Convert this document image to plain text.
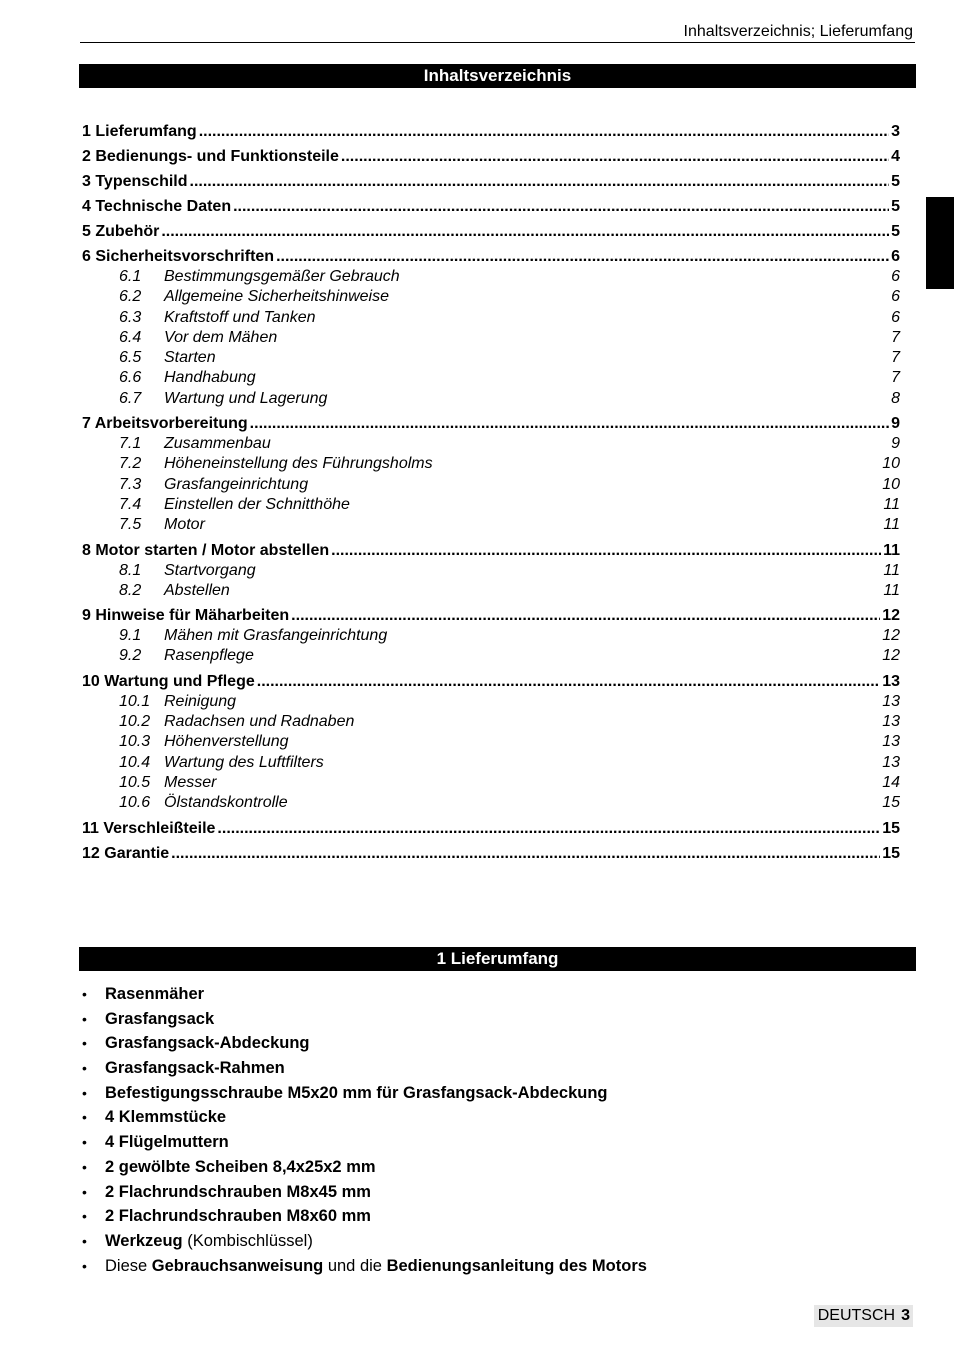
Inhaltsverzeichnis; Lieferumfang
Inhaltsverzeichnis
1 Lieferumfang .....	3
2 Bedienungs- und Funktionsteile .....	4
3 Typenschild .....	5
4 Technische Daten .....	5
5 Zubehör .....	5
6 Sicherheitsvorschriften .....	6
6.1	Bestimmungsgemäßer Gebrauch	6
6.2	Allgemeine Sicherheitshinweise	6
6.3	Kraftstoff und Tanken	6
6.4	Vor dem Mähen	7
6.5	Starten	7
6.6	Handhabung	7
6.7	Wartung und Lagerung	8
7 Arbeitsvorbereitung .....	9
7.1	Zusammenbau	9
7.2	Höheneinstellung des Führungsholms	10
7.3	Grasfangeinrichtung	10
7.4	Einstellen der Schnitthöhe	11
7.5	Motor	11
8 Motor starten / Motor abstellen .....	11
8.1	Startvorgang	11
8.2	Abstellen	11
9 Hinweise für Mäharbeiten .....	12
9.1	Mähen mit Grasfangeinrichtung	12
9.2	Rasenpflege	12
10 Wartung und Pflege .....	13
10.1 Reinigung	13
10.2 Radachsen und Radnaben	13
10.3 Höhenverstellung	13
10.4 Wartung des Luftfilters	13
10.5 Messer	14
10.6 Ölstandskontrolle	15
11 Verschleißteile .....	15
12 Garantie .....	15
1 Lieferumfang
•	Rasenmäher
•	Grasfangsack
•	Grasfangsack-Abdeckung
•	Grasfangsack-Rahmen
•	Befestigungsschraube M5x20 mm für Grasfangsack-Abdeckung
•	4 Klemmstücke
•	4 Flügelmuttern
•	2 gewölbte Scheiben 8,4x25x2 mm
•	2 Flachrundschrauben M8x45 mm
•	2 Flachrundschrauben M8x60 mm
•	Werkzeug (Kombischlüssel)
•	Diese Gebrauchsanweisung und die Bedienungsanleitung des Motors
DEUTSCH 3
